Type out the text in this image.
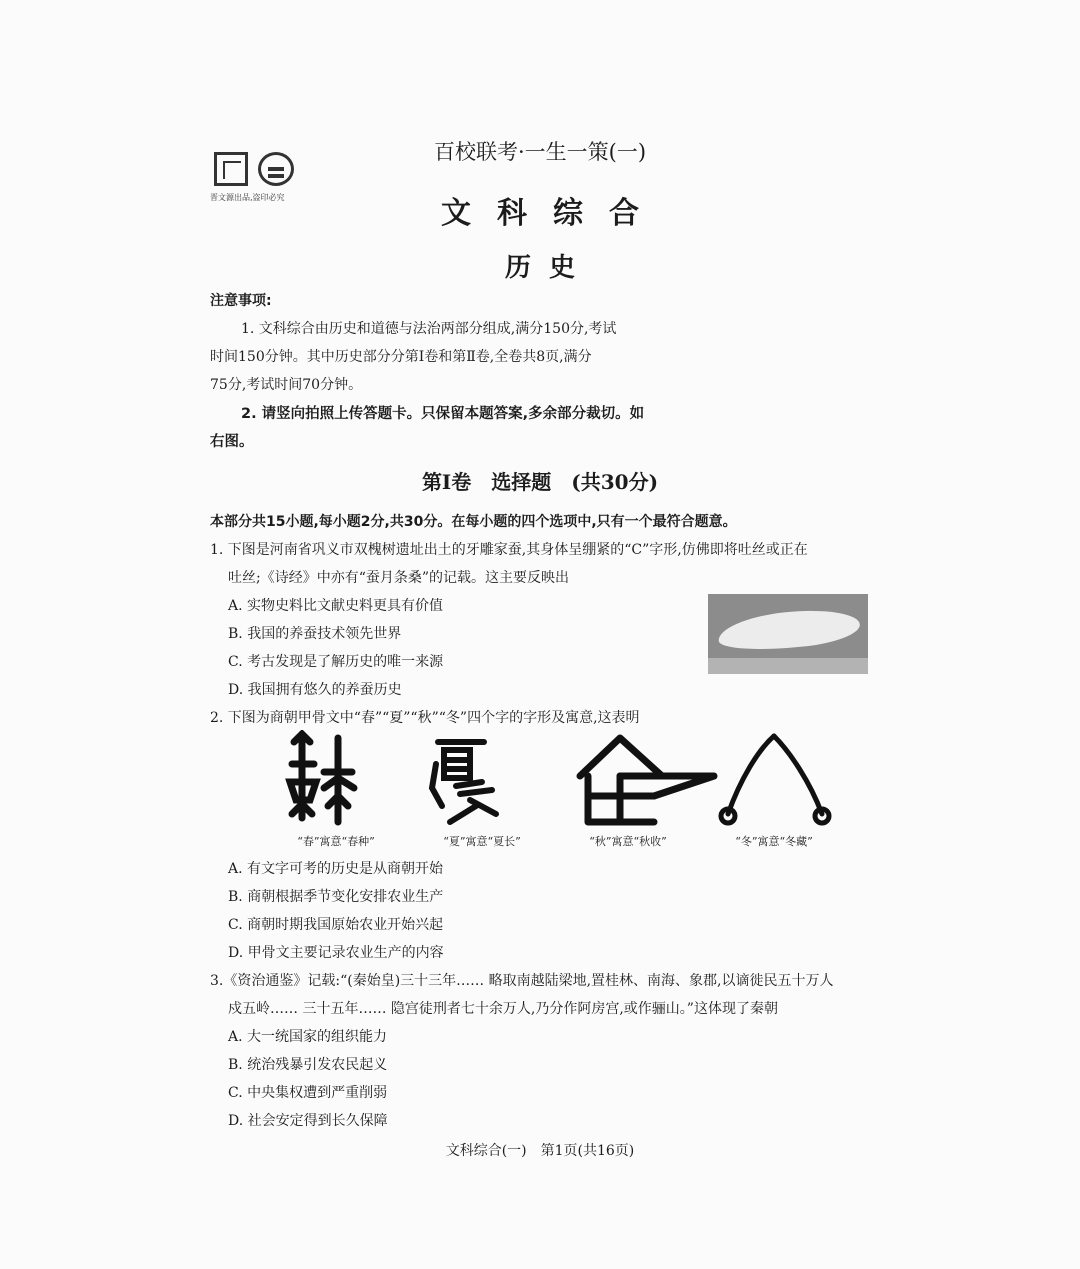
晋文源出品,盗印必究
百校联考·一生一策(一)
文科综合
历史
注意事项:
1. 文科综合由历史和道德与法治两部分组成,满分150分,考试
时间150分钟。其中历史部分分第Ⅰ卷和第Ⅱ卷,全卷共8页,满分
75分,考试时间70分钟。
2. 请竖向拍照上传答题卡。只保留本题答案,多余部分裁切。如
右图。
第Ⅰ卷　选择题　(共30分)
本部分共15小题,每小题2分,共30分。在每小题的四个选项中,只有一个最符合题意。
1. 下图是河南省巩义市双槐树遗址出土的牙雕家蚕,其身体呈绷紧的“C”字形,仿佛即将吐丝或正在
吐丝;《诗经》中亦有“蚕月条桑”的记载。这主要反映出
A. 实物史料比文献史料更具有价值
B. 我国的养蚕技术领先世界
C. 考古发现是了解历史的唯一来源
D. 我国拥有悠久的养蚕历史
2. 下图为商朝甲骨文中“春”“夏”“秋”“冬”四个字的字形及寓意,这表明
“春”寓意“春种”	“夏”寓意“夏长”	“秋”寓意“秋收”	“冬”寓意“冬藏”
A. 有文字可考的历史是从商朝开始
B. 商朝根据季节变化安排农业生产
C. 商朝时期我国原始农业开始兴起
D. 甲骨文主要记录农业生产的内容
3.《资治通鉴》记载:“(秦始皇)三十三年…… 略取南越陆梁地,置桂林、南海、象郡,以谪徙民五十万人
戍五岭…… 三十五年…… 隐宫徒刑者七十余万人,乃分作阿房宫,或作骊山。”这体现了秦朝
A. 大一统国家的组织能力
B. 统治残暴引发农民起义
C. 中央集权遭到严重削弱
D. 社会安定得到长久保障
文科综合(一)　第1页(共16页)
